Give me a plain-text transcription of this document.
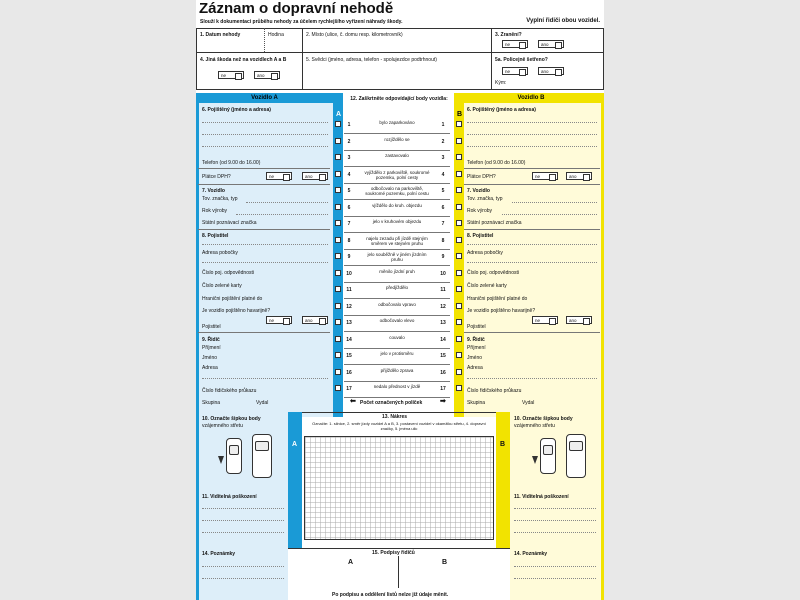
Záznam o dopravní nehodě
Slouží k dokumentaci průběhu nehody za účelem rychlejšího vyřízení náhrady škody.	Vyplní řidiči obou vozidel.
1. Datum nehody	Hodina	2. Místo (ulice, č. domu resp. kilometrovník)	3. Zranění?
ne	ano
4. Jiná škoda než na vozidlech A a B
ne	ano
5. Svědci (jméno, adresa, telefon - spolujezdce podtrhnout)	5a. Policejně šetřeno?
ne	ano
Kým:
Vozidlo A
A
Vozidlo B
B
6. Pojištěný (jméno a adresa)
Telefon (od 9.00 do 16.00)
Plátce DPH?	ne	ano
7. Vozidlo
Tov. značka, typ
Rok výroby
Státní poznávací značka
8. Pojistitel
Adresa pobočky
Číslo poj. odpovědnosti
Číslo zelené karty
Hranični pojištění platné do
Je vozidlo pojištěno havarijně?
ne	ano
Pojistitel
9. Řidič
Příjmení
Jméno
Adresa
Číslo řidičského průkazu
Skupina	Vydal
6. Pojištěný (jméno a adresa)
Telefon (od 9.00 do 16.00)
Plátce DPH?	ne	ano
7. Vozidlo
Tov. značka, typ
Rok výroby
Státní poznávací značka
8. Pojistitel
Adresa pobočky
Číslo poj. odpovědnosti
Číslo zelené karty
Hranični pojištění platné do
Je vozidlo pojištěno havarijně?
ne	ano
Pojistitel
9. Řidič
Příjmení
Jméno
Adresa
Číslo řidičského průkazu
Skupina	Vydal
12. Zaškrtněte odpovídající body vozidla:
Počet označených políček
⬅	➡
A	B
10. Označte šipkou body
vzájemného střetu
11. Viditelná poškození
14. Poznámky
10. Označte šipkou body
vzájemného střetu
11. Viditelná poškození
14. Poznámky
13. Nákres
Označte: 1. silnice, 2. směr jízdy vozidel A a B, 3. postavení vozidel v okamžiku střetu, 4. dopravní značky, 5. jména ulic
15. Podpisy řidičů
A	B
Po podpisu a oddělení listů nelze již údaje měnit.
1	1
bylo zaparkováno
2	2
rozjíždělo se
3	3
zastavovalo
4	4
vyjíždělo z parkoviště, soukromé pozemku, polní cesty
5	5
odbočovalo na parkoviště, soukromé pozemku, polní cestu
6	6
vjíždělo do kruh. objezdu
7	7
jelo v kruhovém objezdu
8	8
najelo zezadu při jízdě stejným směrem ve stejném pruhu
9	9
jelo souběžně v jiném jízdním pruhu
10	10
měnilo jízdní pruh
11	11
předjíždělo
12	12
odbočovalo vpravo
13	13
odbočovalo vlevo
14	14
couvalo
15	15
jelo v protisměru
16	16
přijíždělo zprava
17	17
nedalo přednost v jízdě
